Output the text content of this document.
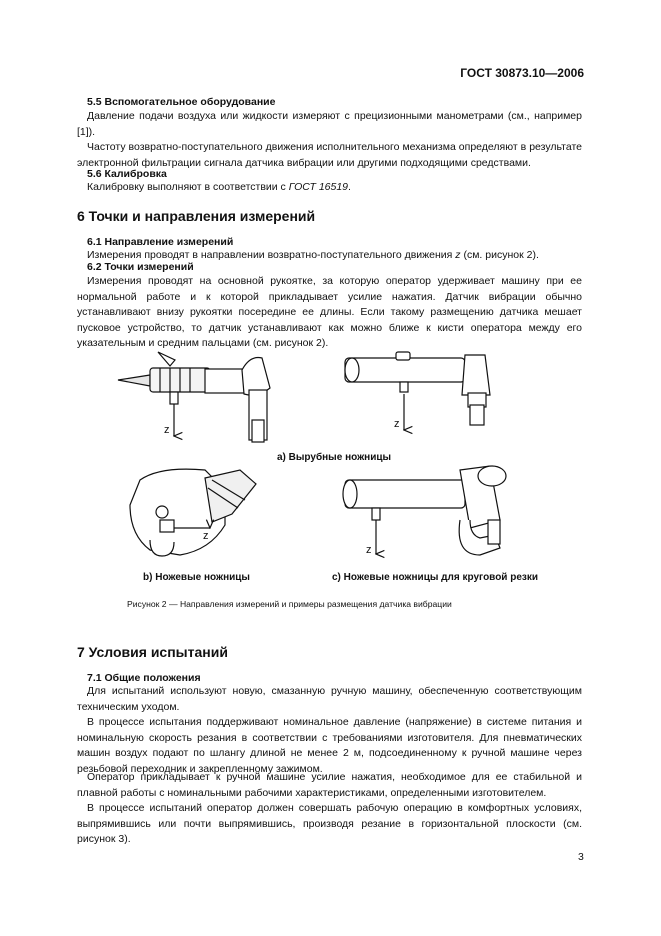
ГОСТ 30873.10—2006
5.5 Вспомогательное оборудование
Давление подачи воздуха или жидкости измеряют с прецизионными манометрами (см., например [1]).
Частоту возвратно-поступательного движения исполнительного механизма определяют в результате электронной фильтрации сигнала датчика вибрации или другими подходящими средствами.
5.6 Калибровка
Калибровку выполняют в соответствии с ГОСТ 16519.
6 Точки и направления измерений
6.1 Направление измерений
Измерения проводят в направлении возвратно-поступательного движения z (см. рисунок 2).
6.2 Точки измерений
Измерения проводят на основной рукоятке, за которую оператор удерживает машину при ее нормальной работе и к которой прикладывает усилие нажатия. Датчик вибрации обычно устанавливают внизу рукоятки посередине ее длины. Если такому размещению датчика мешает пусковое устройство, то датчик устанавливают как можно ближе к кисти оператора между его указательным и средним пальцами (см. рисунок 2).
z	z
z
z
а) Вырубные ножницы
b) Ножевые ножницы	с) Ножевые ножницы для круговой резки
Рисунок 2 — Направления измерений и примеры размещения датчика вибрации
7 Условия испытаний
7.1 Общие положения
Для испытаний используют новую, смазанную ручную машину, обеспеченную соответствующим техническим уходом.
В процессе испытания поддерживают номинальное давление (напряжение) в системе питания и номинальную скорость резания в соответствии с требованиями изготовителя. Для пневматических машин воздух подают по шлангу длиной не менее 2 м, подсоединенному к ручной машине через резьбовой переходник и закрепленному зажимом.
Оператор прикладывает к ручной машине усилие нажатия, необходимое для ее стабильной и плавной работы с номинальными рабочими характеристиками, определенными изготовителем.
В процессе испытаний оператор должен совершать рабочую операцию в комфортных условиях, выпрямившись или почти выпрямившись, производя резание в горизонтальной плоскости (см. рисунок 3).
3
